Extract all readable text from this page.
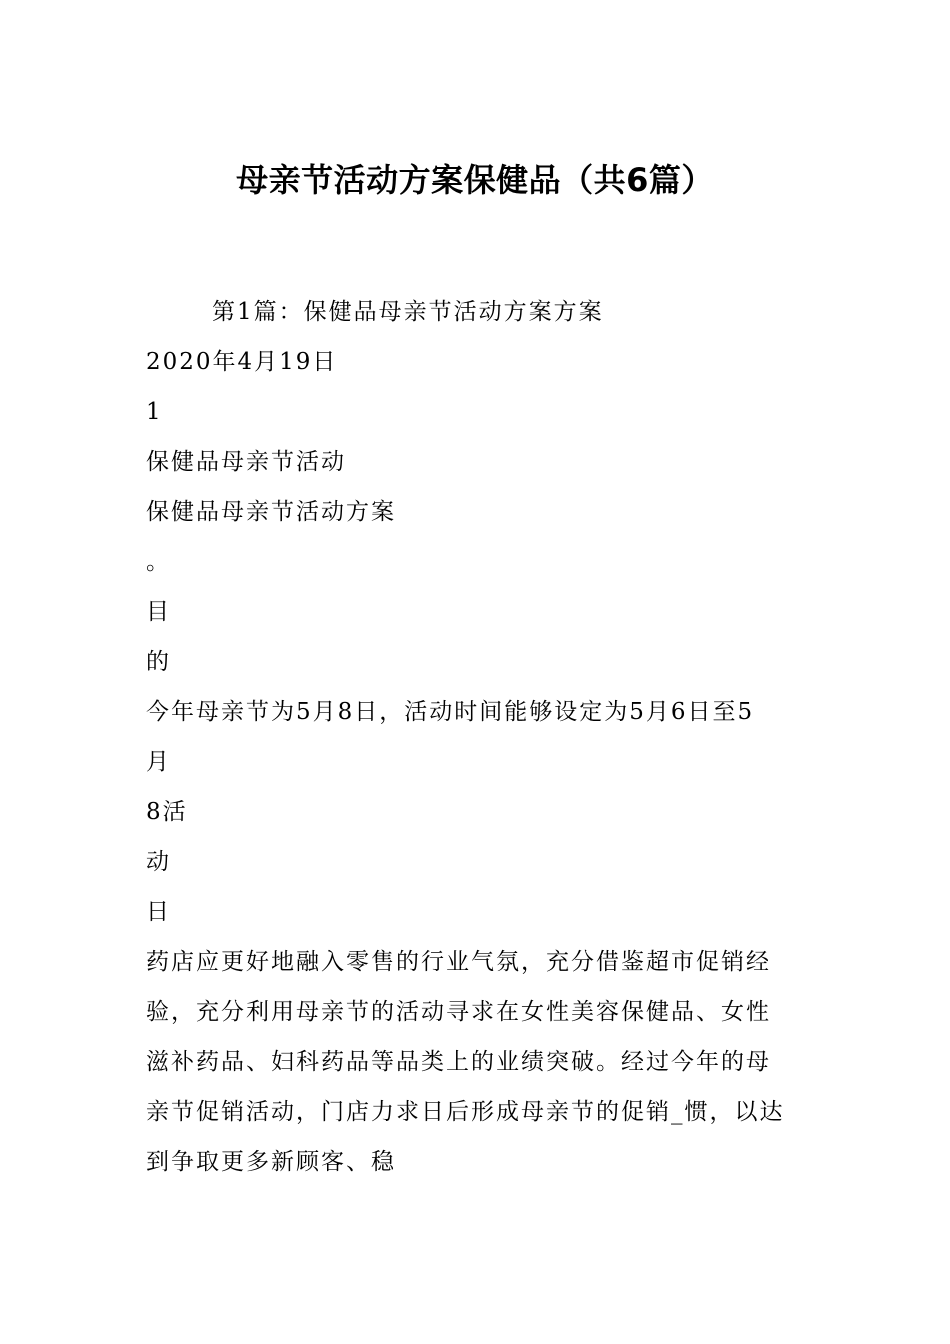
母亲节活动方案保健品（共6篇）

第1篇：保健品母亲节活动方案方案

2020年4月19日

1

保健品母亲节活动

保健品母亲节活动方案

。

目

的

今年母亲节为5月8日，活动时间能够设定为5月6日至5

月

8活

动

日

药店应更好地融入零售的行业气氛，充分借鉴超市促销经

验，充分利用母亲节的活动寻求在女性美容保健品、女性

滋补药品、妇科药品等品类上的业绩突破。经过今年的母

亲节促销活动，门店力求日后形成母亲节的促销_惯，以达

到争取更多新顾客、稳
